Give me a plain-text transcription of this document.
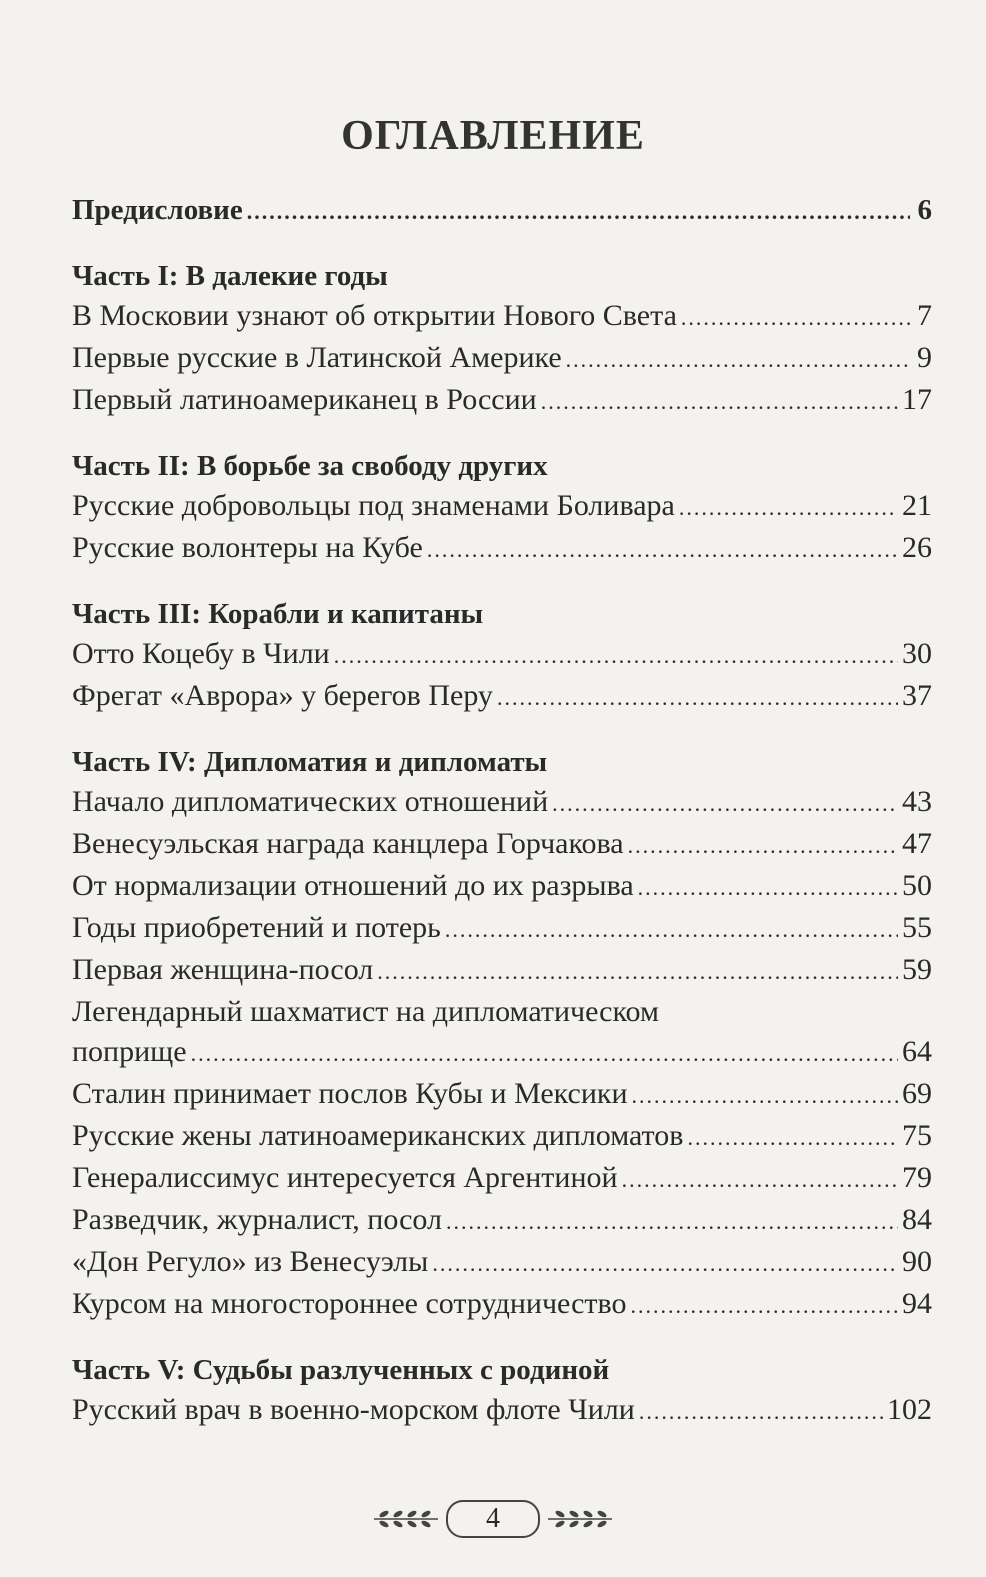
ОГЛАВЛЕНИЕ
Предисловие .....	6
Часть I: В далекие годы
В Московии узнают об открытии Нового Света .....	7
Первые русские в Латинской Америке .....	9
Первый латиноамериканец в России .....	17
Часть II: В борьбе за свободу других
Русские добровольцы под знаменами Боливара .....	21
Русские волонтеры на Кубе .....	26
Часть III: Корабли и капитаны
Отто Коцебу в Чили .....	30
Фрегат «Аврора» у берегов Перу .....	37
Часть IV: Дипломатия и дипломаты
Начало дипломатических отношений .....	43
Венесуэльская награда канцлера Горчакова .....	47
От нормализации отношений до их разрыва .....	50
Годы приобретений и потерь .....	55
Первая женщина-посол .....	59
Легендарный шахматист на дипломатическом
поприще .....	64
Сталин принимает послов Кубы и Мексики .....	69
Русские жены латиноамериканских дипломатов .....	75
Генералиссимус интересуется Аргентиной .....	79
Разведчик, журналист, посол .....	84
«Дон Регуло» из Венесуэлы .....	90
Курсом на многостороннее сотрудничество .....	94
Часть V: Судьбы разлученных с родиной
Русский врач в военно-морском флоте Чили .....	102
4
